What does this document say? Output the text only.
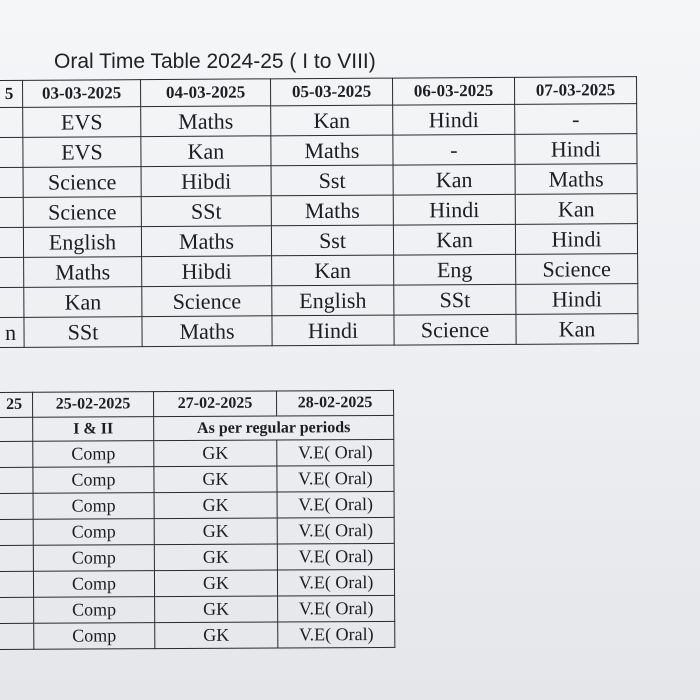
Oral Time Table 2024-25 ( I to VIII)
5	03-03-2025	04-03-2025	05-03-2025	06-03-2025	07-03-2025
	EVS	Maths	Kan	Hindi	-
	EVS	Kan	Maths	-	Hindi
	Science	Hibdi	Sst	Kan	Maths
	Science	SSt	Maths	Hindi	Kan
	English	Maths	Sst	Kan	Hindi
	Maths	Hibdi	Kan	Eng	Science
	Kan	Science	English	SSt	Hindi
n	SSt	Maths	Hindi	Science	Kan
25	25-02-2025	27-02-2025	28-02-2025
	I & II	As per regular periods	
	Comp	GK	V.E( Oral)
	Comp	GK	V.E( Oral)
	Comp	GK	V.E( Oral)
	Comp	GK	V.E( Oral)
	Comp	GK	V.E( Oral)
	Comp	GK	V.E( Oral)
	Comp	GK	V.E( Oral)
	Comp	GK	V.E( Oral)
